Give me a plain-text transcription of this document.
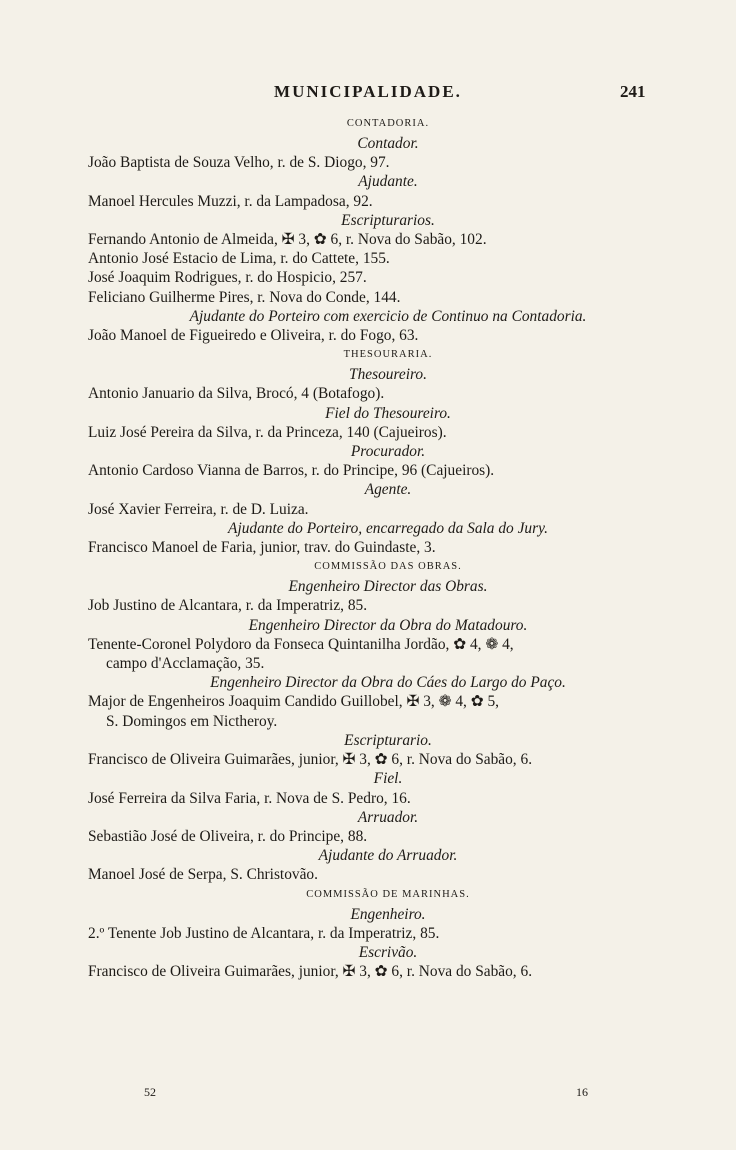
MUNICIPALIDADE.	241
CONTADORIA.
Contador.
João Baptista de Souza Velho, r. de S. Diogo, 97.
Ajudante.
Manoel Hercules Muzzi, r. da Lampadosa, 92.
Escripturarios.
Fernando Antonio de Almeida, ✠ 3, ✿ 6, r. Nova do Sabão, 102.
Antonio José Estacio de Lima, r. do Cattete, 155.
José Joaquim Rodrigues, r. do Hospicio, 257.
Feliciano Guilherme Pires, r. Nova do Conde, 144.
Ajudante do Porteiro com exercicio de Continuo na Contadoria.
João Manoel de Figueiredo e Oliveira, r. do Fogo, 63.
THESOURARIA.
Thesoureiro.
Antonio Januario da Silva, Brocó, 4 (Botafogo).
Fiel do Thesoureiro.
Luiz José Pereira da Silva, r. da Princeza, 140 (Cajueiros).
Procurador.
Antonio Cardoso Vianna de Barros, r. do Principe, 96 (Cajueiros).
Agente.
José Xavier Ferreira, r. de D. Luiza.
Ajudante do Porteiro, encarregado da Sala do Jury.
Francisco Manoel de Faria, junior, trav. do Guindaste, 3.
COMMISSÃO DAS OBRAS.
Engenheiro Director das Obras.
Job Justino de Alcantara, r. da Imperatriz, 85.
Engenheiro Director da Obra do Matadouro.
Tenente-Coronel Polydoro da Fonseca Quintanilha Jordão, ✿ 4, ❁ 4,
campo d'Acclamação, 35.
Engenheiro Director da Obra do Cáes do Largo do Paço.
Major de Engenheiros Joaquim Candido Guillobel, ✠ 3, ❁ 4, ✿ 5,
S. Domingos em Nictheroy.
Escripturario.
Francisco de Oliveira Guimarães, junior, ✠ 3, ✿ 6, r. Nova do Sabão, 6.
Fiel.
José Ferreira da Silva Faria, r. Nova de S. Pedro, 16.
Arruador.
Sebastião José de Oliveira, r. do Principe, 88.
Ajudante do Arruador.
Manoel José de Serpa, S. Christovão.
COMMISSÃO DE MARINHAS.
Engenheiro.
2.º Tenente Job Justino de Alcantara, r. da Imperatriz, 85.
Escrivão.
Francisco de Oliveira Guimarães, junior, ✠ 3, ✿ 6, r. Nova do Sabão, 6.
52	16
